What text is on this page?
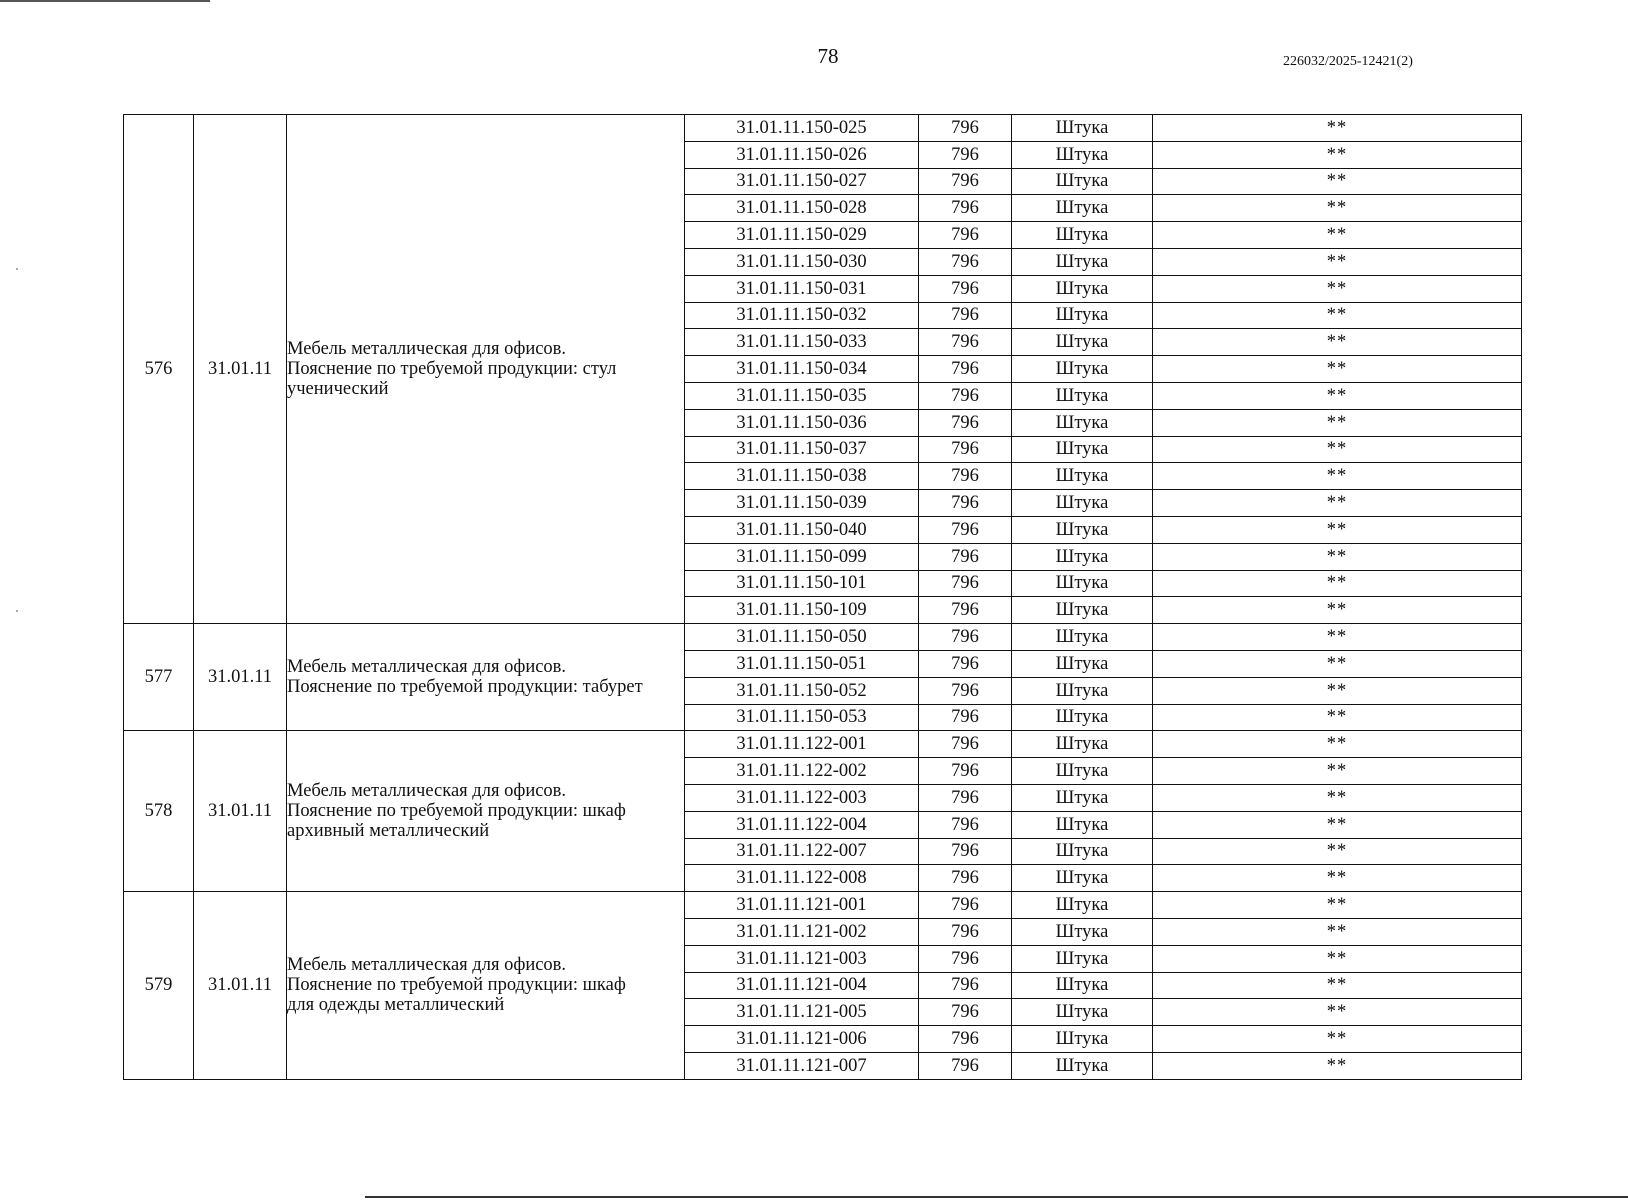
78	226032/2025-12421(2)
576	31.01.11	Мебель металлическая для офисов.
Пояснение по требуемой продукции: стул
ученический	31.01.11.150-025	796	Штука	**
			31.01.11.150-026	796	Штука	**
			31.01.11.150-027	796	Штука	**
			31.01.11.150-028	796	Штука	**
			31.01.11.150-029	796	Штука	**
			31.01.11.150-030	796	Штука	**
			31.01.11.150-031	796	Штука	**
			31.01.11.150-032	796	Штука	**
			31.01.11.150-033	796	Штука	**
			31.01.11.150-034	796	Штука	**
			31.01.11.150-035	796	Штука	**
			31.01.11.150-036	796	Штука	**
			31.01.11.150-037	796	Штука	**
			31.01.11.150-038	796	Штука	**
			31.01.11.150-039	796	Штука	**
			31.01.11.150-040	796	Штука	**
			31.01.11.150-099	796	Штука	**
			31.01.11.150-101	796	Штука	**
			31.01.11.150-109	796	Штука	**
577	31.01.11	Мебель металлическая для офисов.
Пояснение по требуемой продукции: табурет	31.01.11.150-050	796	Штука	**
			31.01.11.150-051	796	Штука	**
			31.01.11.150-052	796	Штука	**
			31.01.11.150-053	796	Штука	**
578	31.01.11	Мебель металлическая для офисов.
Пояснение по требуемой продукции: шкаф
архивный металлический	31.01.11.122-001	796	Штука	**
			31.01.11.122-002	796	Штука	**
			31.01.11.122-003	796	Штука	**
			31.01.11.122-004	796	Штука	**
			31.01.11.122-007	796	Штука	**
			31.01.11.122-008	796	Штука	**
579	31.01.11	Мебель металлическая для офисов.
Пояснение по требуемой продукции: шкаф
для одежды металлический	31.01.11.121-001	796	Штука	**
			31.01.11.121-002	796	Штука	**
			31.01.11.121-003	796	Штука	**
			31.01.11.121-004	796	Штука	**
			31.01.11.121-005	796	Штука	**
			31.01.11.121-006	796	Штука	**
			31.01.11.121-007	796	Штука	**
